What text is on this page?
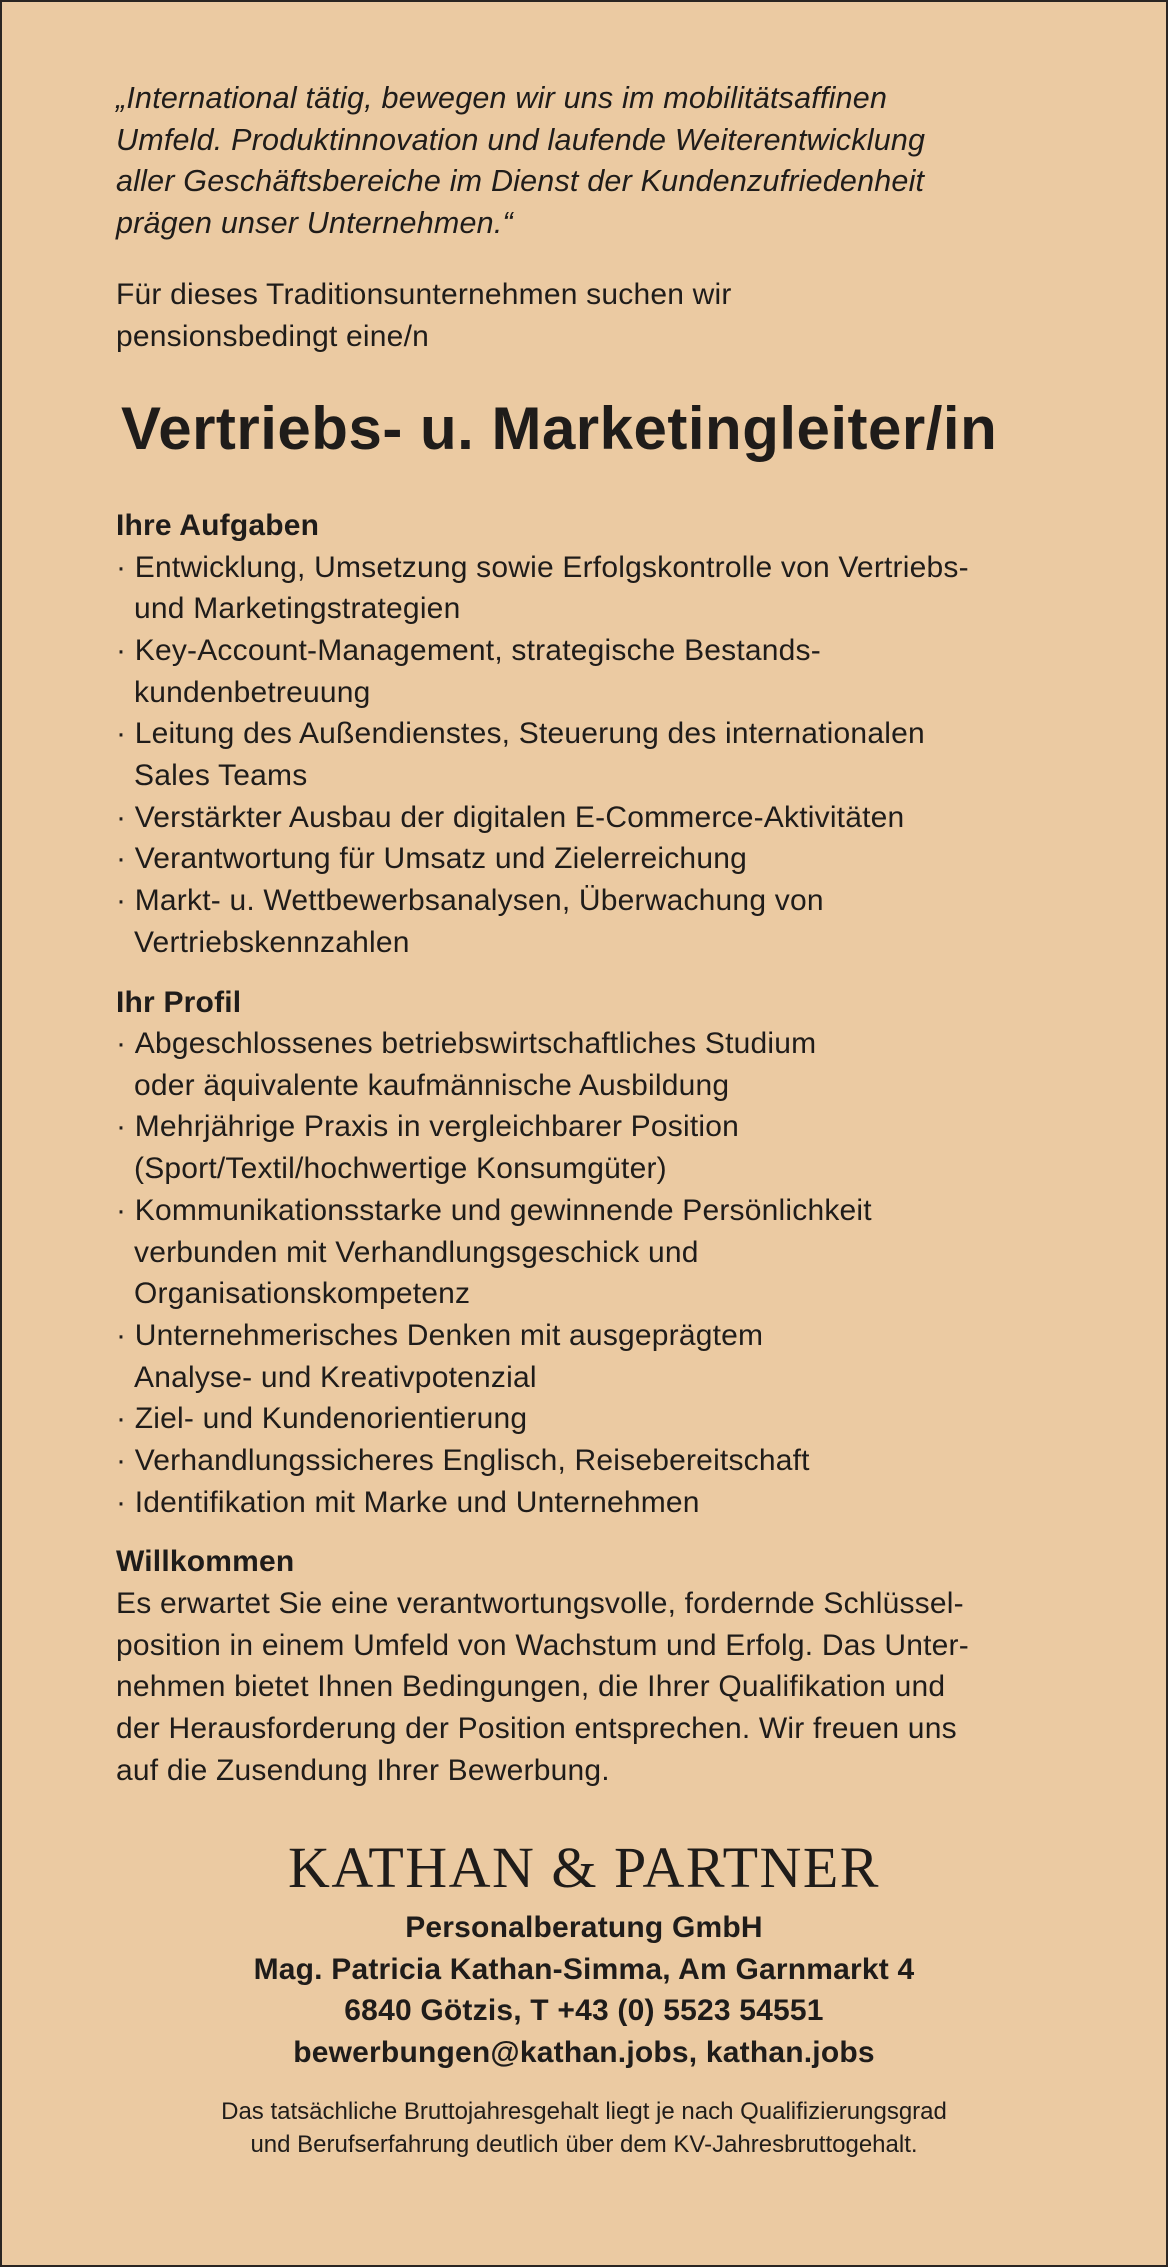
„International tätig, bewegen wir uns im mobilitätsaffinen
Umfeld. Produktinnovation und laufende Weiterentwicklung
aller Geschäftsbereiche im Dienst der Kundenzufriedenheit
prägen unser Unternehmen.“

Für dieses Traditionsunternehmen suchen wir
pensionsbedingt eine/n

Vertriebs- u. Marketingleiter/in
Ihre Aufgaben
· Entwicklung, Umsetzung sowie Erfolgskontrolle von Vertriebs-
und Marketingstrategien
· Key-Account-Management, strategische Bestands-
kundenbetreuung
· Leitung des Außendienstes, Steuerung des internationalen
Sales Teams
· Verstärkter Ausbau der digitalen E-Commerce-Aktivitäten
· Verantwortung für Umsatz und Zielerreichung
· Markt- u. Wettbewerbsanalysen, Überwachung von
Vertriebskennzahlen
Ihr Profil
· Abgeschlossenes betriebswirtschaftliches Studium
oder äquivalente kaufmännische Ausbildung
· Mehrjährige Praxis in vergleichbarer Position
(Sport/Textil/hochwertige Konsumgüter)
· Kommunikationsstarke und gewinnende Persönlichkeit
verbunden mit Verhandlungsgeschick und
Organisationskompetenz
· Unternehmerisches Denken mit ausgeprägtem
Analyse- und Kreativpotenzial
· Ziel- und Kundenorientierung
· Verhandlungssicheres Englisch, Reisebereitschaft
· Identifikation mit Marke und Unternehmen
Willkommen

Es erwartet Sie eine verantwortungsvolle, fordernde Schlüssel-
position in einem Umfeld von Wachstum und Erfolg. Das Unter-
nehmen bietet Ihnen Bedingungen, die Ihrer Qualifikation und
der Herausforderung der Position entsprechen. Wir freuen uns
auf die Zusendung Ihrer Bewerbung.

KATHAN & PARTNER

Personalberatung GmbH

Mag. Patricia Kathan-Simma, Am Garnmarkt 4

6840 Götzis, T +43 (0) 5523 54551

bewerbungen@kathan.jobs, kathan.jobs

Das tatsächliche Bruttojahresgehalt liegt je nach Qualifizierungsgrad
und Berufserfahrung deutlich über dem KV-Jahresbruttogehalt.
